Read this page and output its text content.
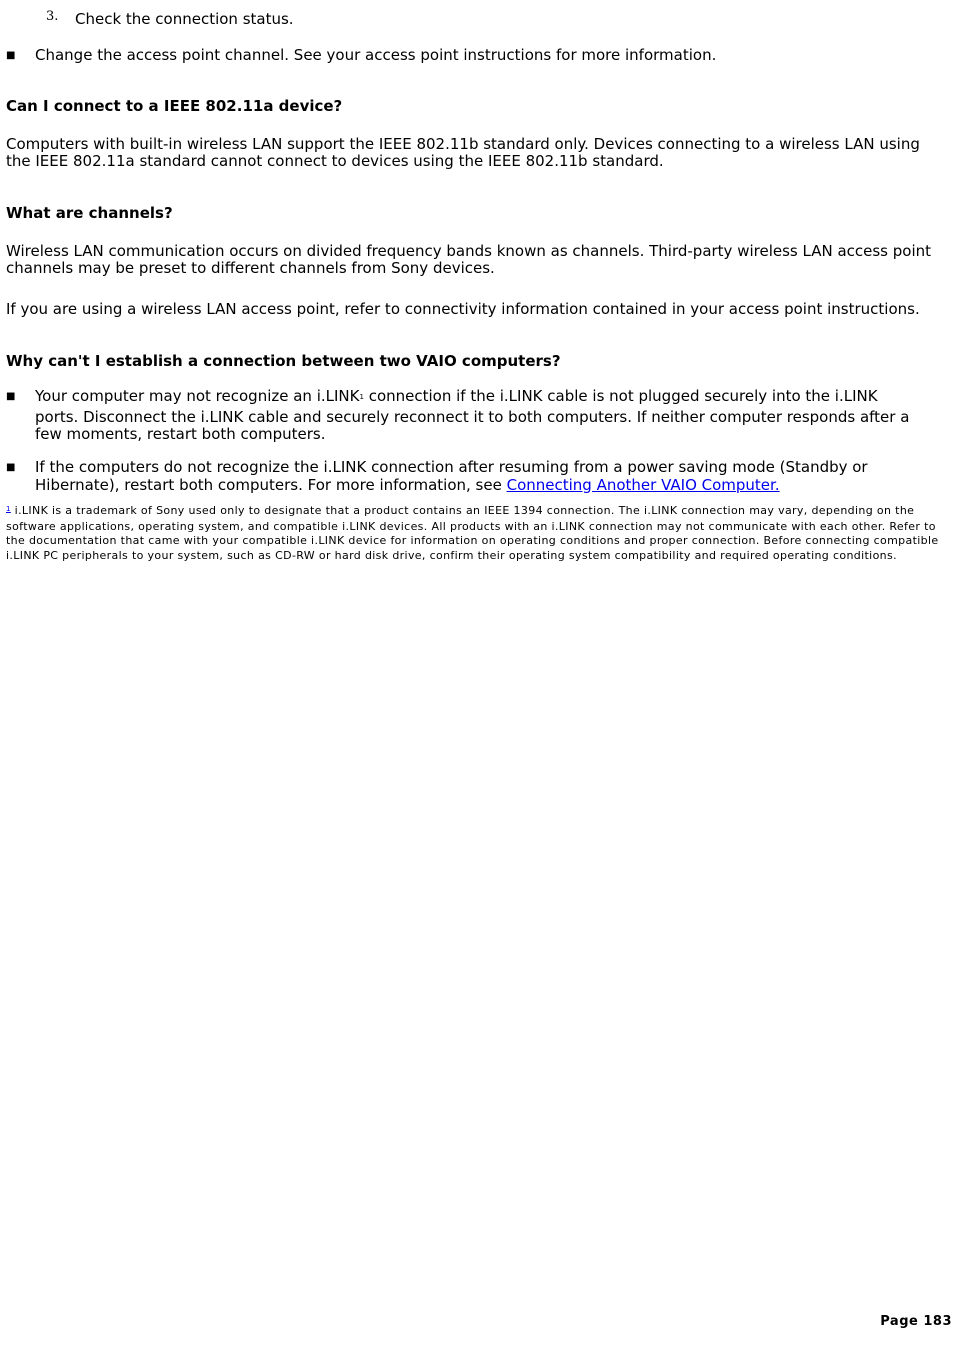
3. Check the connection status.
■ Change the access point channel. See your access point instructions for more information.
Can I connect to a IEEE 802.11a device?
Computers with built-in wireless LAN support the IEEE 802.11b standard only. Devices connecting to a wireless LAN using the IEEE 802.11a standard cannot connect to devices using the IEEE 802.11b standard.
What are channels?
Wireless LAN communication occurs on divided frequency bands known as channels. Third-party wireless LAN access point channels may be preset to different channels from Sony devices.
If you are using a wireless LAN access point, refer to connectivity information contained in your access point instructions.
Why can't I establish a connection between two VAIO computers?
■ Your computer may not recognize an i.LINK$^1$ connection if the i.LINK cable is not plugged securely into the i.LINK ports. Disconnect the i.LINK cable and securely reconnect it to both computers. If neither computer responds after a few moments, restart both computers.
■ If the computers do not recognize the i.LINK connection after resuming from a power saving mode (Standby or Hibernate), restart both computers. For more information, see Connecting Another VAIO Computer.
$^1$ i.LINK is a trademark of Sony used only to designate that a product contains an IEEE 1394 connection. The i.LINK connection may vary, depending on the software applications, operating system, and compatible i.LINK devices. All products with an i.LINK connection may not communicate with each other. Refer to the documentation that came with your compatible i.LINK device for information on operating conditions and proper connection. Before connecting compatible i.LINK PC peripherals to your system, such as CD-RW or hard disk drive, confirm their operating system compatibility and required operating conditions.
Page 183
